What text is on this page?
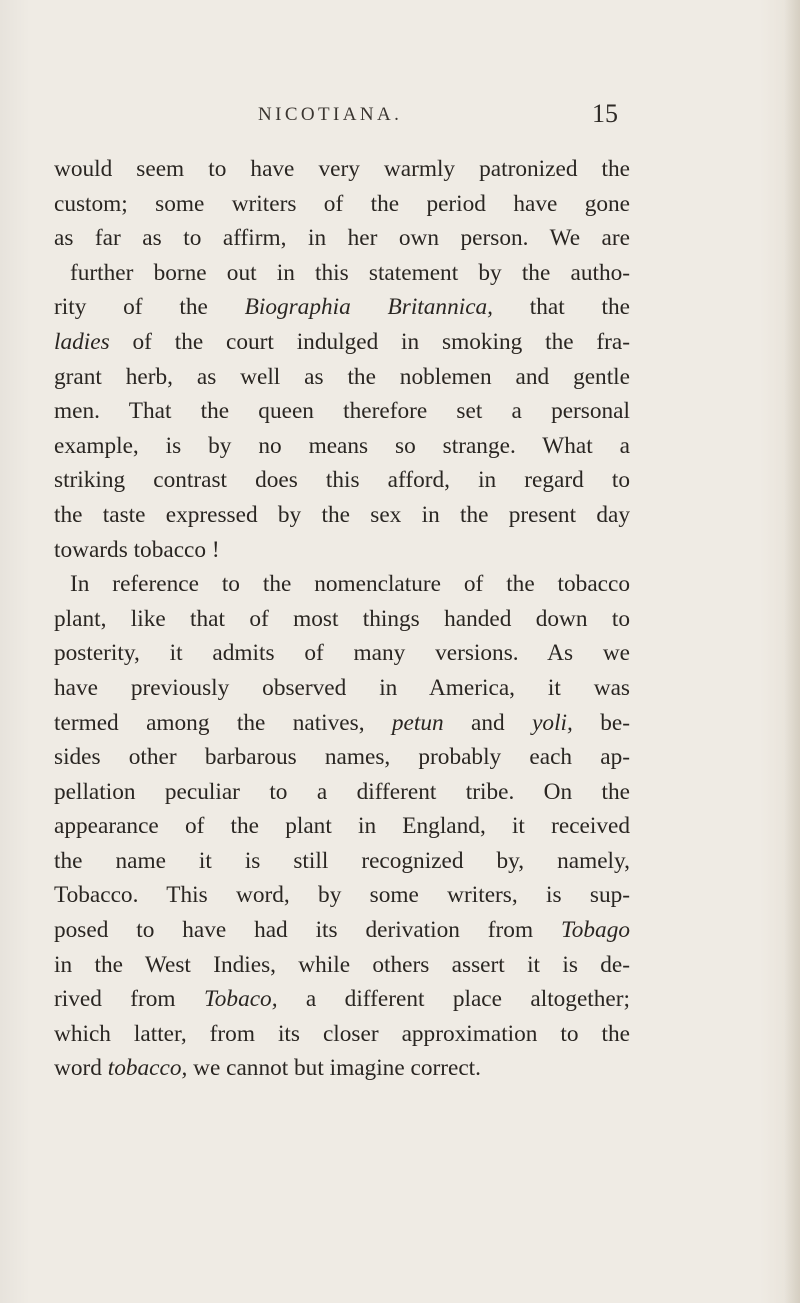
NICOTIANA.	15
would seem to have very warmly patronized the
custom; some writers of the period have gone
as far as to affirm, in her own person. We are
further borne out in this statement by the autho-
rity of the Biographia Britannica, that the
ladies of the court indulged in smoking the fra-
grant herb, as well as the noblemen and gentle
men. That the queen therefore set a personal
example, is by no means so strange. What a
striking contrast does this afford, in regard to
the taste expressed by the sex in the present day
towards tobacco !
In reference to the nomenclature of the tobacco
plant, like that of most things handed down to
posterity, it admits of many versions. As we
have previously observed in America, it was
termed among the natives, petun and yoli, be-
sides other barbarous names, probably each ap-
pellation peculiar to a different tribe. On the
appearance of the plant in England, it received
the name it is still recognized by, namely,
Tobacco. This word, by some writers, is sup-
posed to have had its derivation from Tobago
in the West Indies, while others assert it is de-
rived from Tobaco, a different place altogether;
which latter, from its closer approximation to the
word tobacco, we cannot but imagine correct.
